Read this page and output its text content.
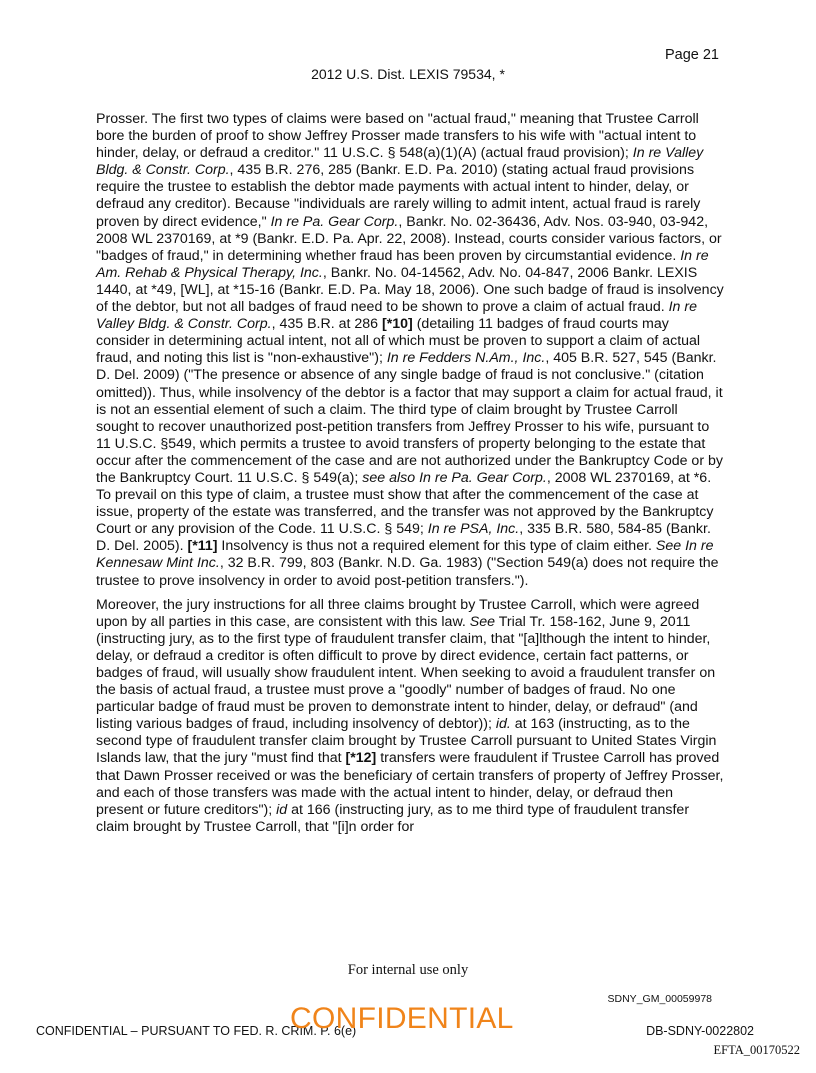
Page 21
2012 U.S. Dist. LEXIS 79534, *

Prosser. The first two types of claims were based on "actual fraud," meaning that Trustee Carroll bore the burden of proof to show Jeffrey Prosser made transfers to his wife with "actual intent to hinder, delay, or defraud a creditor." 11 U.S.C. § 548(a)(1)(A) (actual fraud provision); In re Valley Bldg. & Constr. Corp., 435 B.R. 276, 285 (Bankr. E.D. Pa. 2010) (stating actual fraud provisions require the trustee to establish the debtor made payments with actual intent to hinder, delay, or defraud any creditor). Because "individuals are rarely willing to admit intent, actual fraud is rarely proven by direct evidence," In re Pa. Gear Corp., Bankr. No. 02-36436, Adv. Nos. 03-940, 03-942, 2008 WL 2370169, at *9 (Bankr. E.D. Pa. Apr. 22, 2008). Instead, courts consider various factors, or "badges of fraud," in determining whether fraud has been proven by circumstantial evidence. In re Am. Rehab & Physical Therapy, Inc., Bankr. No. 04-14562, Adv. No. 04-847, 2006 Bankr. LEXIS 1440, at *49, [WL], at *15-16 (Bankr. E.D. Pa. May 18, 2006). One such badge of fraud is insolvency of the debtor, but not all badges of fraud need to be shown to prove a claim of actual fraud. In re Valley Bldg. & Constr. Corp., 435 B.R. at 286 [*10] (detailing 11 badges of fraud courts may consider in determining actual intent, not all of which must be proven to support a claim of actual fraud, and noting this list is "non-exhaustive"); In re Fedders N.Am., Inc., 405 B.R. 527, 545 (Bankr. D. Del. 2009) ("The presence or absence of any single badge of fraud is not conclusive." (citation omitted)). Thus, while insolvency of the debtor is a factor that may support a claim for actual fraud, it is not an essential element of such a claim. The third type of claim brought by Trustee Carroll sought to recover unauthorized post-petition transfers from Jeffrey Prosser to his wife, pursuant to 11 U.S.C. §549, which permits a trustee to avoid transfers of property belonging to the estate that occur after the commencement of the case and are not authorized under the Bankruptcy Code or by the Bankruptcy Court. 11 U.S.C. § 549(a); see also In re Pa. Gear Corp., 2008 WL 2370169, at *6. To prevail on this type of claim, a trustee must show that after the commencement of the case at issue, property of the estate was transferred, and the transfer was not approved by the Bankruptcy Court or any provision of the Code. 11 U.S.C. § 549; In re PSA, Inc., 335 B.R. 580, 584-85 (Bankr. D. Del. 2005). [*11] Insolvency is thus not a required element for this type of claim either. See In re Kennesaw Mint Inc., 32 B.R. 799, 803 (Bankr. N.D. Ga. 1983) ("Section 549(a) does not require the trustee to prove insolvency in order to avoid post-petition transfers.").

Moreover, the jury instructions for all three claims brought by Trustee Carroll, which were agreed upon by all parties in this case, are consistent with this law. See Trial Tr. 158-162, June 9, 2011 (instructing jury, as to the first type of fraudulent transfer claim, that "[a]lthough the intent to hinder, delay, or defraud a creditor is often difficult to prove by direct evidence, certain fact patterns, or badges of fraud, will usually show fraudulent intent. When seeking to avoid a fraudulent transfer on the basis of actual fraud, a trustee must prove a "goodly" number of badges of fraud. No one particular badge of fraud must be proven to demonstrate intent to hinder, delay, or defraud" (and listing various badges of fraud, including insolvency of debtor)); id. at 163 (instructing, as to the second type of fraudulent transfer claim brought by Trustee Carroll pursuant to United States Virgin Islands law, that the jury "must find that [*12] transfers were fraudulent if Trustee Carroll has proved that Dawn Prosser received or was the beneficiary of certain transfers of property of Jeffrey Prosser, and each of those transfers was made with the actual intent to hinder, delay, or defraud then present or future creditors"); id at 166 (instructing jury, as to me third type of fraudulent transfer claim brought by Trustee Carroll, that "[i]n order for

For internal use only
SDNY_GM_00059978
CONFIDENTIAL – PURSUANT TO FED. R. CRIM. P. 6(e)
CONFIDENTIAL	DB-SDNY-0022802
EFTA_00170522
